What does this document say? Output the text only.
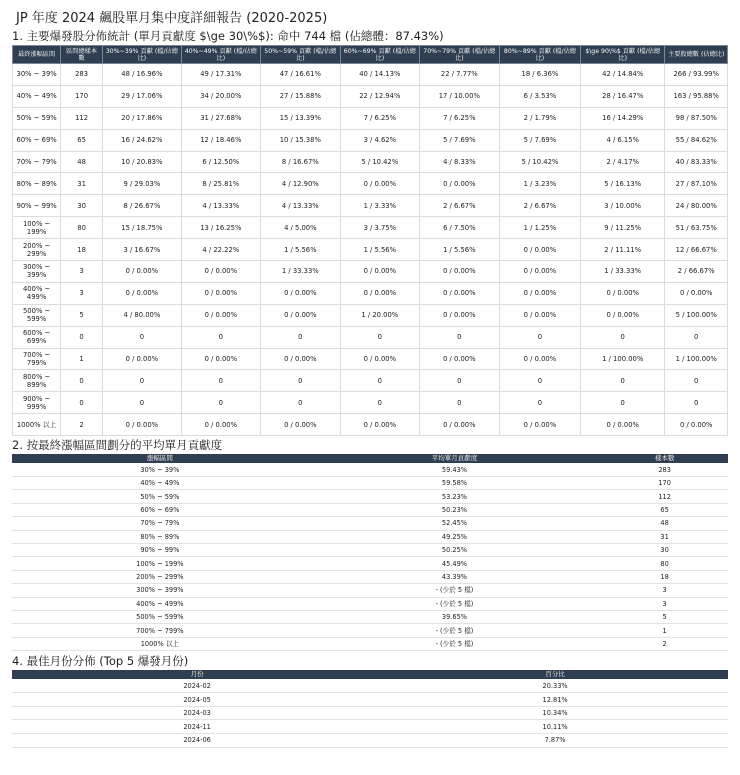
JP 年度 2024 飆股單月集中度詳細報告 (2020-2025)
1. 主要爆發股分佈統計 (單月貢獻度 $\ge 30\%$): 命中 744 檔 (佔總體：87.43%)
最終漲幅區間	區間總樣本數	30%~39% 貢獻 (檔/佔總比)	40%~49% 貢獻 (檔/佔總比)	50%~59% 貢獻 (檔/佔總比)	60%~69% 貢獻 (檔/佔總比)	70%~79% 貢獻 (檔/佔總比)	80%~89% 貢獻 (檔/佔總比)	$\ge 90\%$ 貢獻 (檔/佔總比)	主要股總數 (佔總比)
30% ~ 39%	283	48 / 16.96%	49 / 17.31%	47 / 16.61%	40 / 14.13%	22 / 7.77%	18 / 6.36%	42 / 14.84%	266 / 93.99%
40% ~ 49%	170	29 / 17.06%	34 / 20.00%	27 / 15.88%	22 / 12.94%	17 / 10.00%	6 / 3.53%	28 / 16.47%	163 / 95.88%
50% ~ 59%	112	20 / 17.86%	31 / 27.68%	15 / 13.39%	7 / 6.25%	7 / 6.25%	2 / 1.79%	16 / 14.29%	98 / 87.50%
60% ~ 69%	65	16 / 24.62%	12 / 18.46%	10 / 15.38%	3 / 4.62%	5 / 7.69%	5 / 7.69%	4 / 6.15%	55 / 84.62%
70% ~ 79%	48	10 / 20.83%	6 / 12.50%	8 / 16.67%	5 / 10.42%	4 / 8.33%	5 / 10.42%	2 / 4.17%	40 / 83.33%
80% ~ 89%	31	9 / 29.03%	8 / 25.81%	4 / 12.90%	0 / 0.00%	0 / 0.00%	1 / 3.23%	5 / 16.13%	27 / 87.10%
90% ~ 99%	30	8 / 26.67%	4 / 13.33%	4 / 13.33%	1 / 3.33%	2 / 6.67%	2 / 6.67%	3 / 10.00%	24 / 80.00%
100% ~ 199%	80	15 / 18.75%	13 / 16.25%	4 / 5.00%	3 / 3.75%	6 / 7.50%	1 / 1.25%	9 / 11.25%	51 / 63.75%
200% ~ 299%	18	3 / 16.67%	4 / 22.22%	1 / 5.56%	1 / 5.56%	1 / 5.56%	0 / 0.00%	2 / 11.11%	12 / 66.67%
300% ~ 399%	3	0 / 0.00%	0 / 0.00%	1 / 33.33%	0 / 0.00%	0 / 0.00%	0 / 0.00%	1 / 33.33%	2 / 66.67%
400% ~ 499%	3	0 / 0.00%	0 / 0.00%	0 / 0.00%	0 / 0.00%	0 / 0.00%	0 / 0.00%	0 / 0.00%	0 / 0.00%
500% ~ 599%	5	4 / 80.00%	0 / 0.00%	0 / 0.00%	1 / 20.00%	0 / 0.00%	0 / 0.00%	0 / 0.00%	5 / 100.00%
600% ~ 699%	0	0	0	0	0	0	0	0	0
700% ~ 799%	1	0 / 0.00%	0 / 0.00%	0 / 0.00%	0 / 0.00%	0 / 0.00%	0 / 0.00%	1 / 100.00%	1 / 100.00%
800% ~ 899%	0	0	0	0	0	0	0	0	0
900% ~ 999%	0	0	0	0	0	0	0	0	0
1000% 以上	2	0 / 0.00%	0 / 0.00%	0 / 0.00%	0 / 0.00%	0 / 0.00%	0 / 0.00%	0 / 0.00%	0 / 0.00%
2. 按最終漲幅區間劃分的平均單月貢獻度
漲幅區間	平均單月貢獻度	樣本數
30% ~ 39%	59.43%	283
40% ~ 49%	59.58%	170
50% ~ 59%	53.23%	112
60% ~ 69%	50.23%	65
70% ~ 79%	52.45%	48
80% ~ 89%	49.25%	31
90% ~ 99%	50.25%	30
100% ~ 199%	45.49%	80
200% ~ 299%	43.39%	18
300% ~ 399%	- (少於 5 檔)	3
400% ~ 499%	- (少於 5 檔)	3
500% ~ 599%	39.65%	5
700% ~ 799%	- (少於 5 檔)	1
1000% 以上	- (少於 5 檔)	2
4. 最佳月份分佈 (Top 5 爆發月份)
月份	百分比
2024-02	20.33%
2024-05	12.81%
2024-03	10.34%
2024-11	10.11%
2024-06	7.87%
